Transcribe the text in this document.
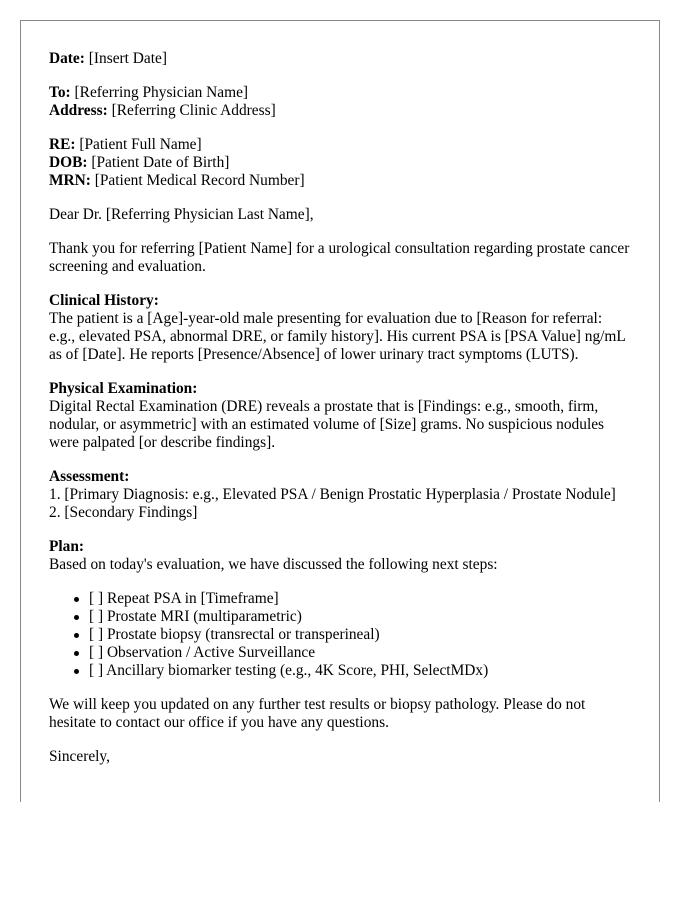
Date: [Insert Date]
To: [Referring Physician Name]
Address: [Referring Clinic Address]
RE: [Patient Full Name]
DOB: [Patient Date of Birth]
MRN: [Patient Medical Record Number]

Dear Dr. [Referring Physician Last Name],

Thank you for referring [Patient Name] for a urological consultation regarding prostate cancer screening and evaluation.

Clinical History:
The patient is a [Age]-year-old male presenting for evaluation due to [Reason for referral: e.g., elevated PSA, abnormal DRE, or family history]. His current PSA is [PSA Value] ng/mL as of [Date]. He reports [Presence/Absence] of lower urinary tract symptoms (LUTS).
Physical Examination:
Digital Rectal Examination (DRE) reveals a prostate that is [Findings: e.g., smooth, firm, nodular, or asymmetric] with an estimated volume of [Size] grams. No suspicious nodules were palpated [or describe findings].
Assessment:
1. [Primary Diagnosis: e.g., Elevated PSA / Benign Prostatic Hyperplasia / Prostate Nodule]
2. [Secondary Findings]
Plan:

Based on today's evaluation, we have discussed the following next steps:

[ ] Repeat PSA in [Timeframe]
[ ] Prostate MRI (multiparametric)
[ ] Prostate biopsy (transrectal or transperineal)
[ ] Observation / Active Surveillance
[ ] Ancillary biomarker testing (e.g., 4K Score, PHI, SelectMDx)

We will keep you updated on any further test results or biopsy pathology. Please do not hesitate to contact our office if you have any questions.

Sincerely,
